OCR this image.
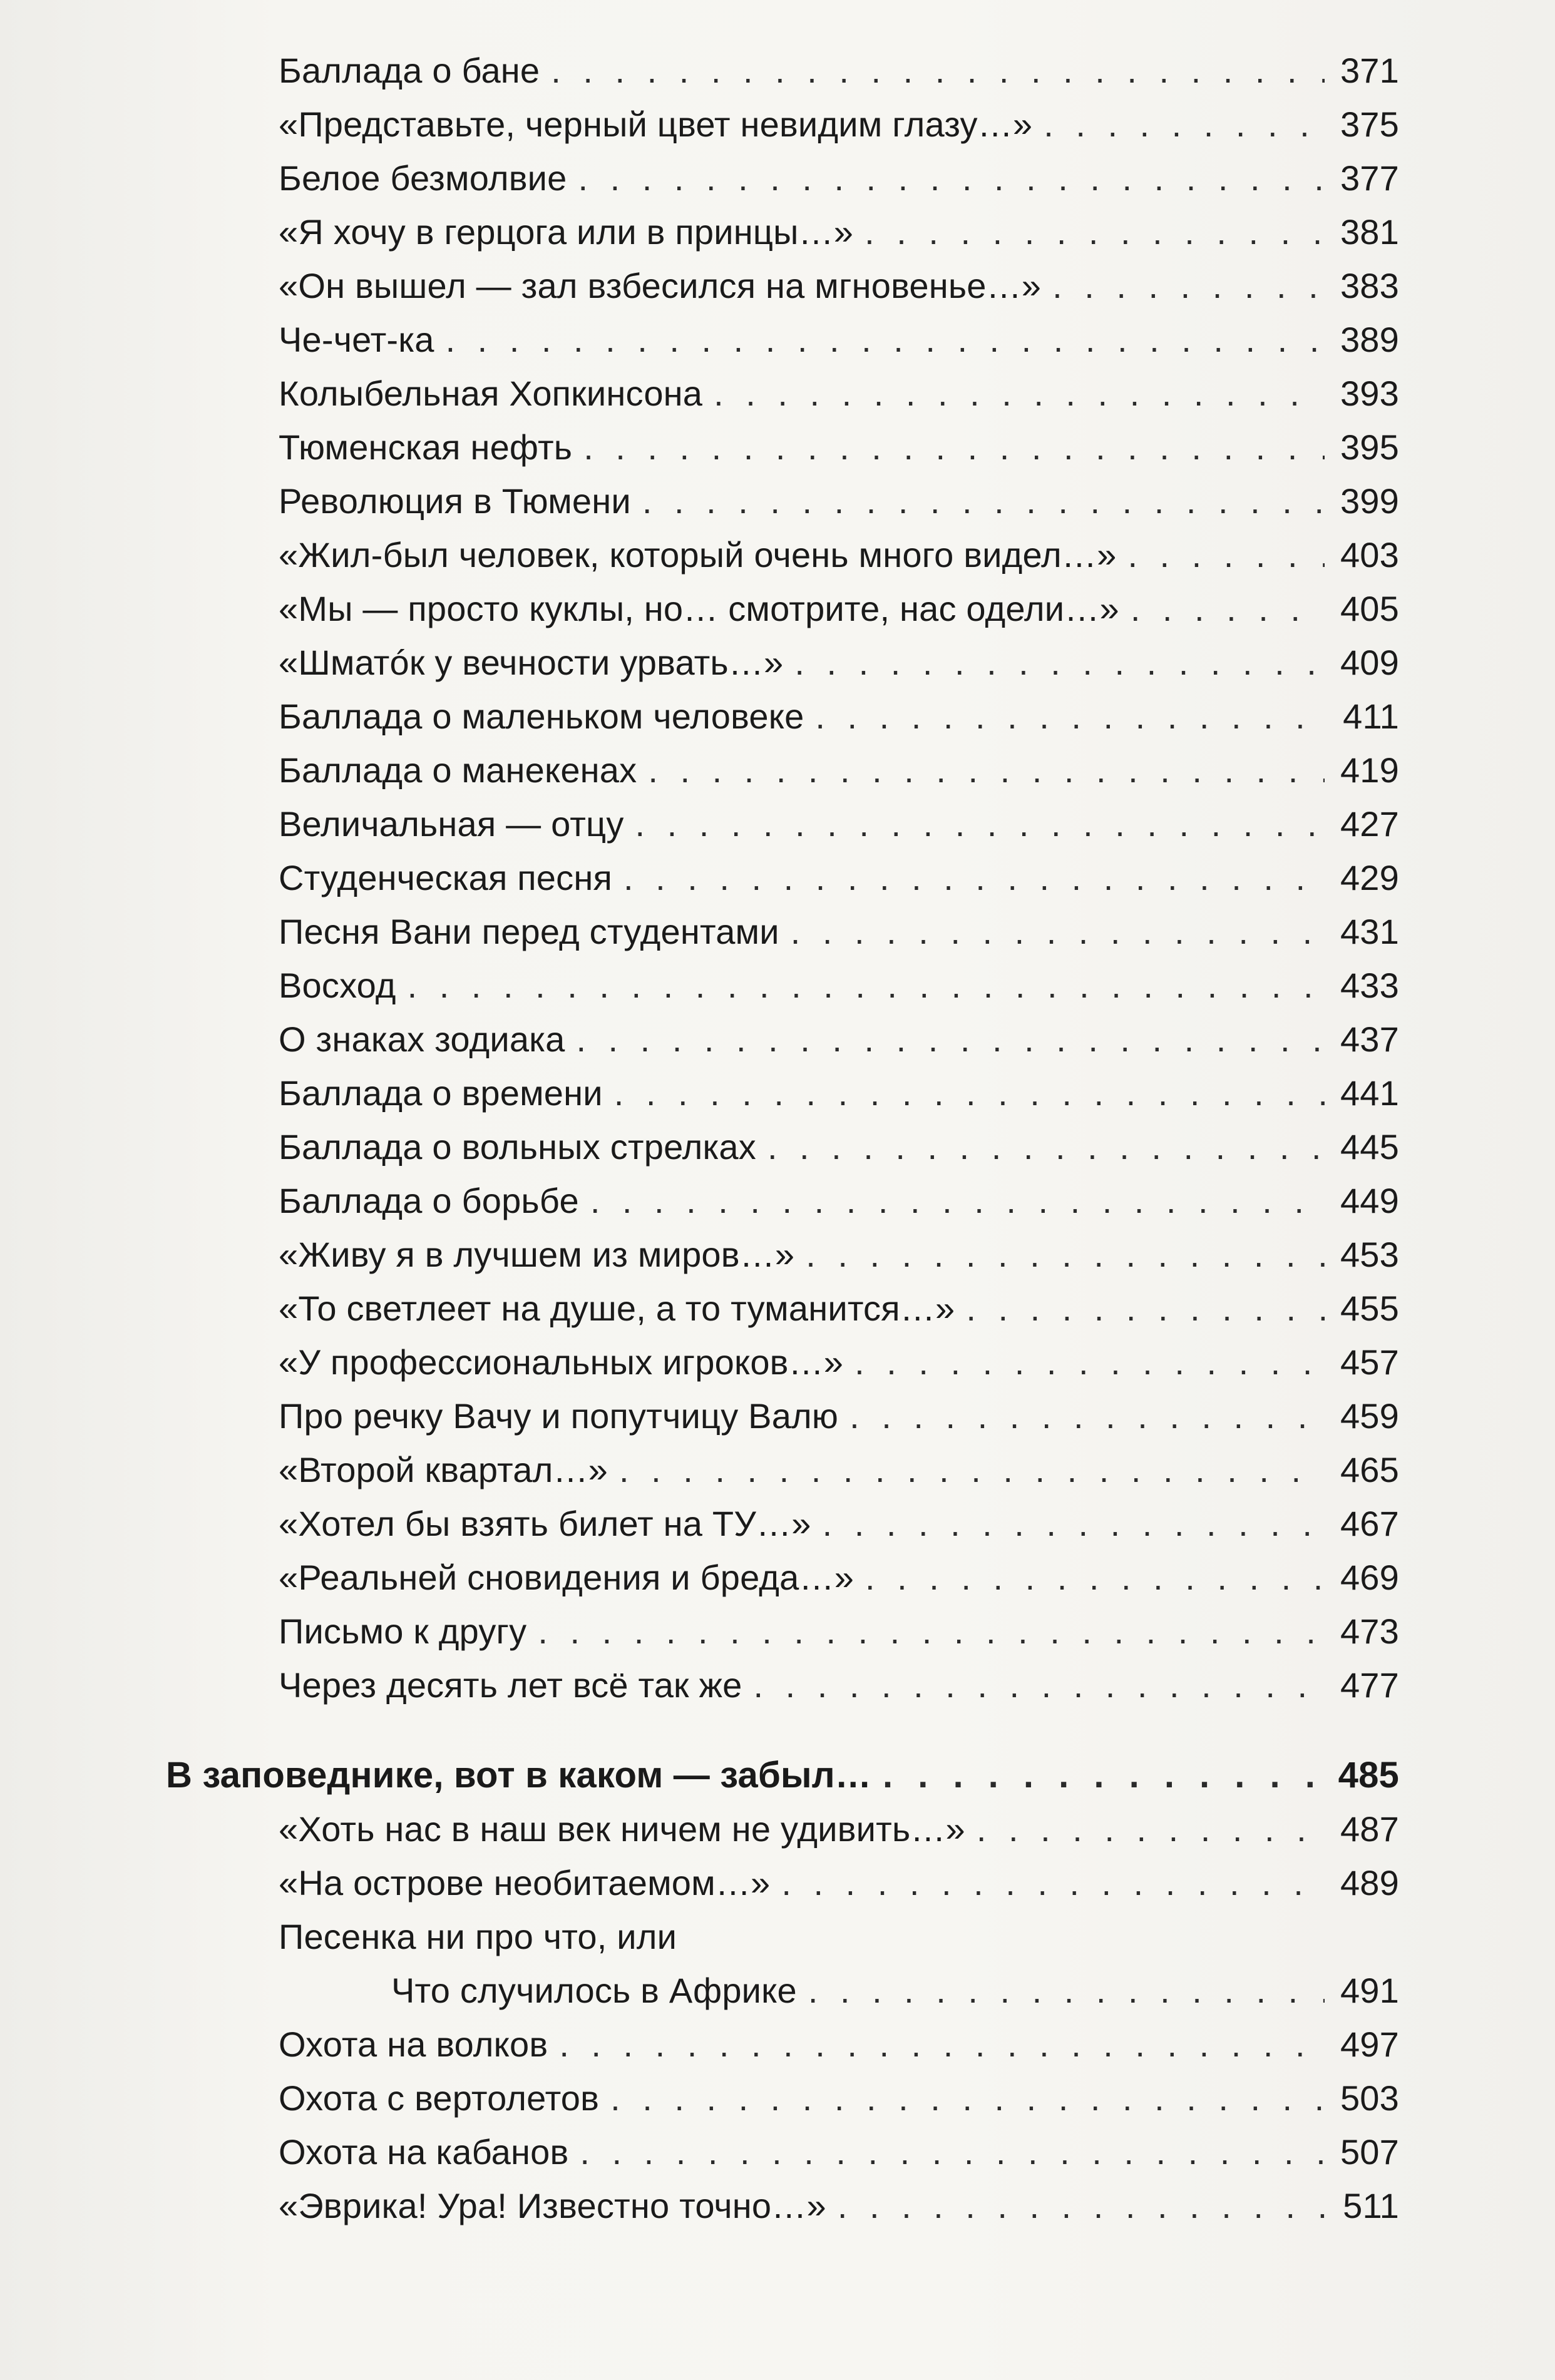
Баллада о бане . . .	371
«Представьте, черный цвет невидим глазу…» . . .	375
Белое безмолвие . . .	377
«Я хочу в герцога или в принцы…» . . .	381
«Он вышел — зал взбесился на мгновенье…» . . .	383
Че-чет-ка . . .	389
Колыбельная Хопкинсона . . .	393
Тюменская нефть . . .	395
Революция в Тюмени . . .	399
«Жил-был человек, который очень много видел…» . . .	403
«Мы — просто куклы, но… смотрите, нас одели…» . . .	405
«Шматóк у вечности урвать…» . . .	409
Баллада о маленьком человеке . . .	411
Баллада о манекенах . . .	419
Величальная — отцу . . .	427
Студенческая песня . . .	429
Песня Вани перед студентами . . .	431
Восход . . .	433
О знаках зодиака . . .	437
Баллада о времени . . .	441
Баллада о вольных стрелках . . .	445
Баллада о борьбе . . .	449
«Живу я в лучшем из миров…» . . .	453
«То светлеет на душе, а то туманится…» . . .	455
«У профессиональных игроков…» . . .	457
Про речку Вачу и попутчицу Валю . . .	459
«Второй квартал…» . . .	465
«Хотел бы взять билет на ТУ…» . . .	467
«Реальней сновидения и бреда…» . . .	469
Письмо к другу . . .	473
Через десять лет всё так же . . .	477
В заповеднике, вот в каком — забыл… . . .	485
«Хоть нас в наш век ничем не удивить…» . . .	487
«На острове необитаемом…» . . .	489
Песенка ни про что, или
Что случилось в Африке . . .	491
Охота на волков . . .	497
Охота с вертолетов . . .	503
Охота на кабанов . . .	507
«Эврика! Ура! Известно точно…» . . .	511
